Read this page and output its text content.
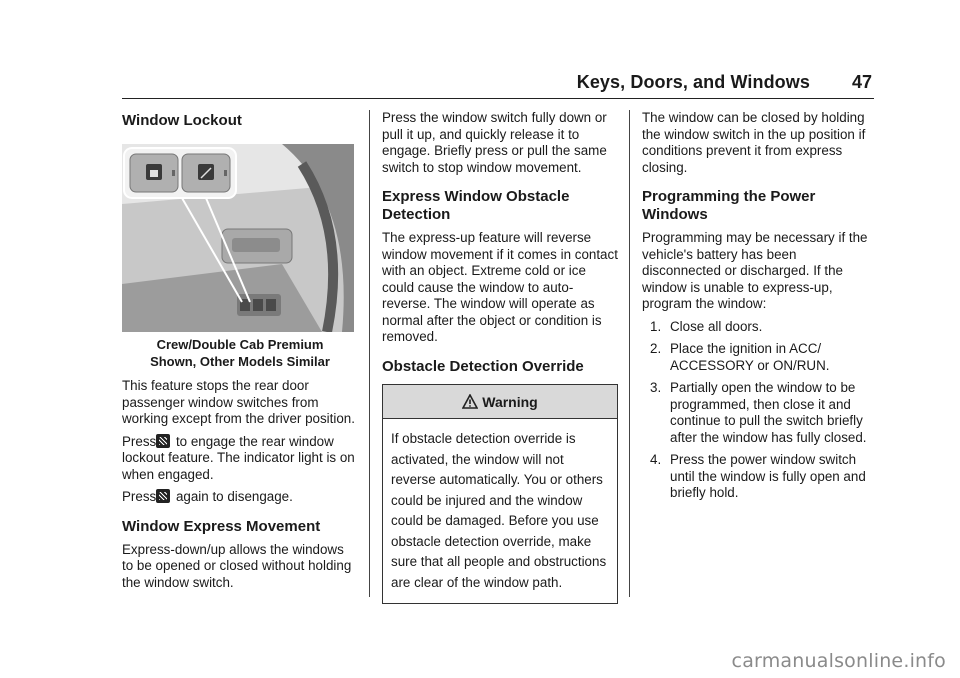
Keys, Doors, and Windows 47
Window Lockout
Crew/Double Cab Premium
Shown, Other Models Similar

This feature stops the rear door passenger window switches from working except from the driver position.

Press to engage the rear window lockout feature. The indicator light is on when engaged.

Press again to disengage.

Window Express Movement

Express-down/up allows the windows to be opened or closed without holding the window switch.

Press the window switch fully down or pull it up, and quickly release it to engage. Briefly press or pull the same switch to stop window movement.

Express Window Obstacle Detection

The express-up feature will reverse window movement if it comes in contact with an object. Extreme cold or ice could cause the window to auto-reverse. The window will operate as normal after the object or condition is removed.

Obstacle Detection Override
Warning
If obstacle detection override is activated, the window will not reverse automatically. You or others could be injured and the window could be damaged. Before you use obstacle detection override, make sure that all people and obstructions are clear of the window path.

The window can be closed by holding the window switch in the up position if conditions prevent it from express closing.

Programming the Power Windows

Programming may be necessary if the vehicle's battery has been disconnected or discharged. If the window is unable to express-up, program the window:

1. Close all doors.
2. Place the ignition in ACC/ ACCESSORY or ON/RUN.
3. Partially open the window to be programmed, then close it and continue to pull the switch briefly after the window has fully closed.
4. Press the power window switch until the window is fully open and briefly hold.
carmanualsonline.info
